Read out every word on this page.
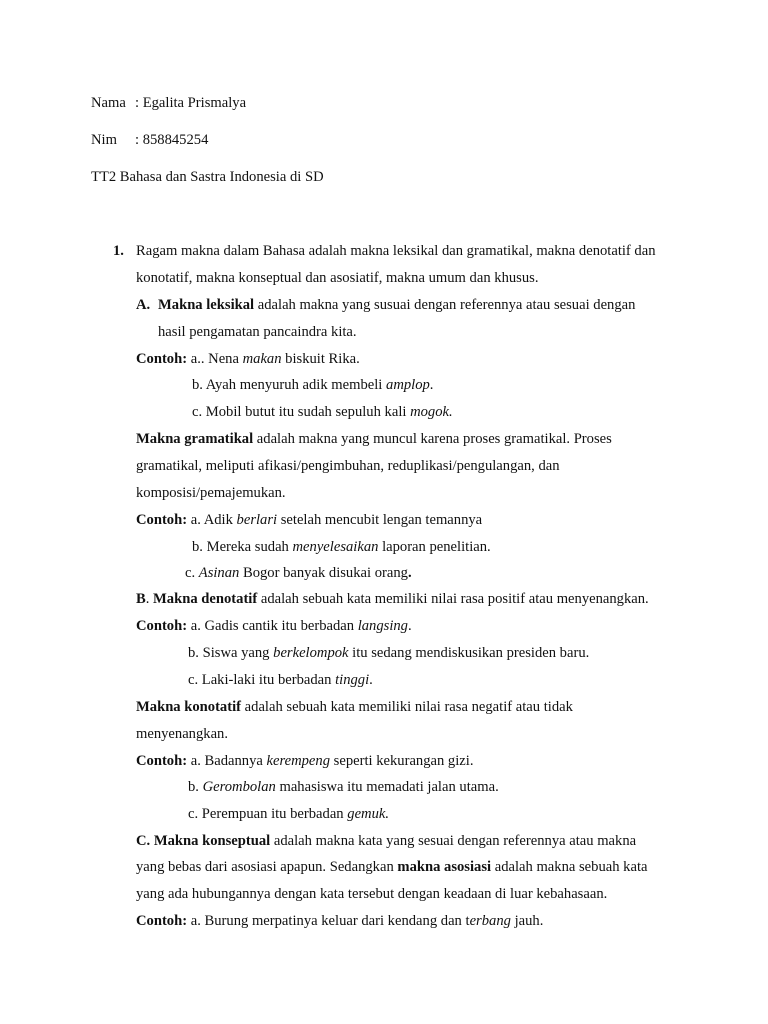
Nama : Egalita Prismalya
Nim : 858845254
TT2 Bahasa dan Sastra Indonesia di SD
1. Ragam makna dalam Bahasa adalah makna leksikal dan gramatikal, makna denotatif dan
konotatif, makna konseptual dan asosiatif, makna umum dan khusus.
A. Makna leksikal adalah makna yang susuai dengan referennya atau sesuai dengan
hasil pengamatan pancaindra kita.
Contoh: a.. Nena makan biskuit Rika.
b. Ayah menyuruh adik membeli amplop.
c. Mobil butut itu sudah sepuluh kali mogok.
Makna gramatikal adalah makna yang muncul karena proses gramatikal. Proses
gramatikal, meliputi afikasi/pengimbuhan, reduplikasi/pengulangan, dan
komposisi/pemajemukan.
Contoh: a. Adik berlari setelah mencubit lengan temannya
b. Mereka sudah menyelesaikan laporan penelitian.
c. Asinan Bogor banyak disukai orang.
B. Makna denotatif adalah sebuah kata memiliki nilai rasa positif atau menyenangkan.
Contoh: a. Gadis cantik itu berbadan langsing.
b. Siswa yang berkelompok itu sedang mendiskusikan presiden baru.
c. Laki-laki itu berbadan tinggi.
Makna konotatif adalah sebuah kata memiliki nilai rasa negatif atau tidak
menyenangkan.
Contoh: a. Badannya kerempeng seperti kekurangan gizi.
b. Gerombolan mahasiswa itu memadati jalan utama.
c. Perempuan itu berbadan gemuk.
C. Makna konseptual adalah makna kata yang sesuai dengan referennya atau makna
yang bebas dari asosiasi apapun. Sedangkan makna asosiasi adalah makna sebuah kata
yang ada hubungannya dengan kata tersebut dengan keadaan di luar kebahasaan.
Contoh: a. Burung merpatinya keluar dari kendang dan terbang jauh.
